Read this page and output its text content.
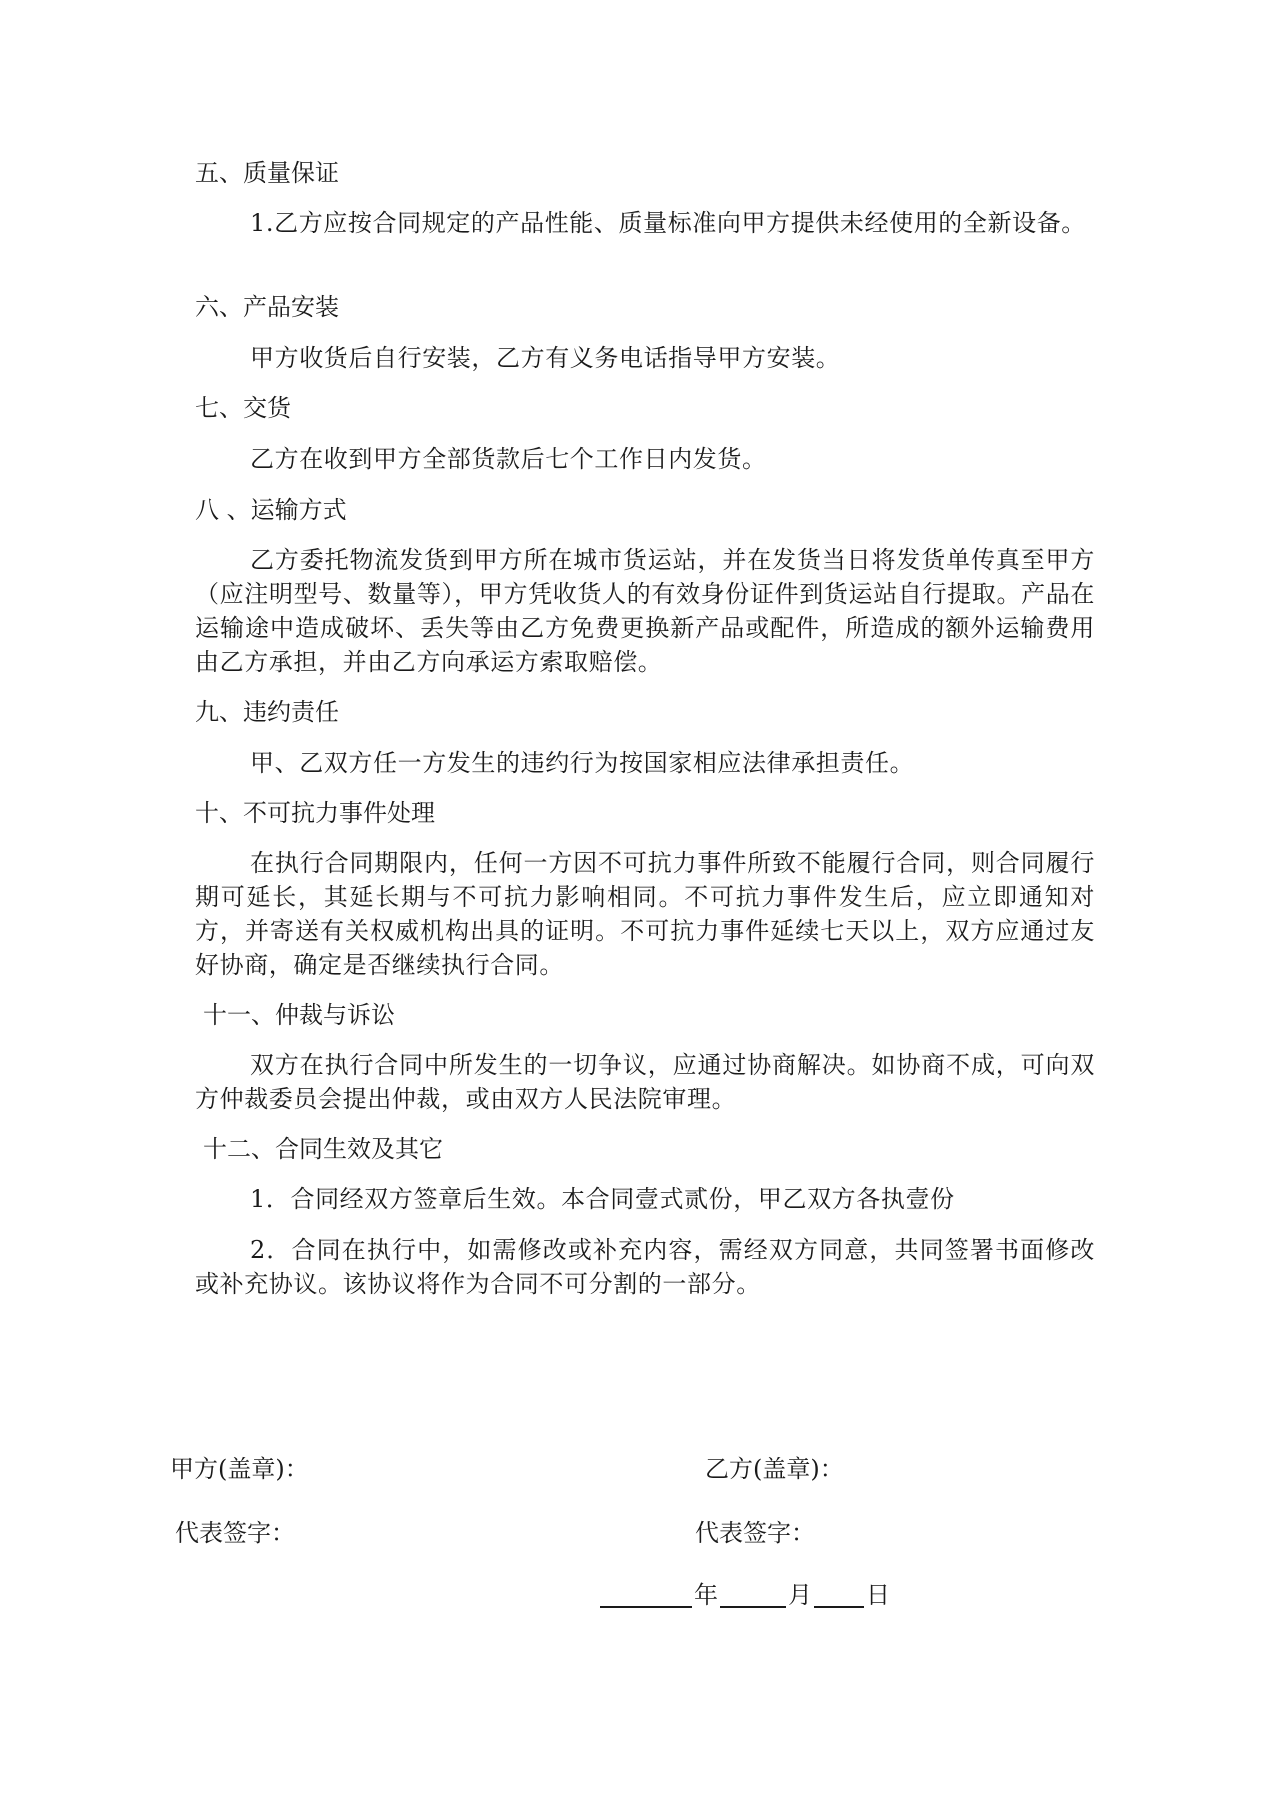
五、质量保证
1.乙方应按合同规定的产品性能、质量标准向甲方提供未经使用的全新设备。
六、产品安装
甲方收货后自行安装，乙方有义务电话指导甲方安装。
七、交货
乙方在收到甲方全部货款后七个工作日内发货。
八 、运输方式
乙方委托物流发货到甲方所在城市货运站，并在发货当日将发货单传真至甲方（应注明型号、数量等），甲方凭收货人的有效身份证件到货运站自行提取。产品在运输途中造成破坏、丢失等由乙方免费更换新产品或配件，所造成的额外运输费用由乙方承担，并由乙方向承运方索取赔偿。
九、违约责任
甲、乙双方任一方发生的违约行为按国家相应法律承担责任。
十、不可抗力事件处理
在执行合同期限内，任何一方因不可抗力事件所致不能履行合同，则合同履行期可延长，其延长期与不可抗力影响相同。不可抗力事件发生后，应立即通知对方，并寄送有关权威机构出具的证明。不可抗力事件延续七天以上，双方应通过友好协商，确定是否继续执行合同。
十一、仲裁与诉讼
双方在执行合同中所发生的一切争议，应通过协商解决。如协商不成，可向双方仲裁委员会提出仲裁，或由双方人民法院审理。
十二、合同生效及其它
1．合同经双方签章后生效。本合同壹式贰份，甲乙双方各执壹份
2．合同在执行中，如需修改或补充内容，需经双方同意，共同签署书面修改或补充协议。该协议将作为合同不可分割的一部分。
甲方(盖章)：	乙方(盖章)：
代表签字：	代表签字：
年	月 日
